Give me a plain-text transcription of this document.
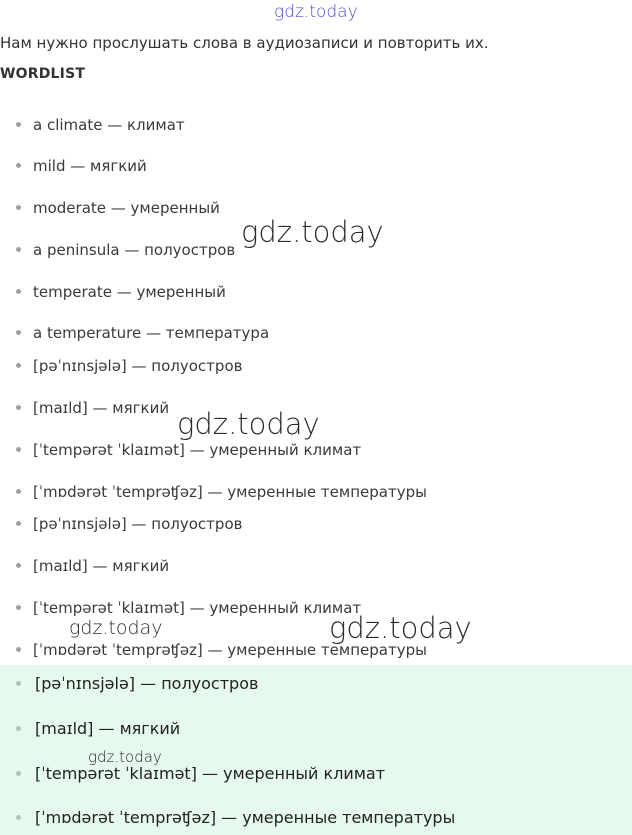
gdz.today
Нам нужно прослушать слова в аудиозаписи и повторить их.
WORDLIST
a climate — климат
mild — мягкий
moderate — умеренный
a peninsula — полуостров
temperate — умеренный
a temperature — температура
[pəˈnɪnsjələ] — полуостров
[maɪld] — мягкий
[ˈtempərət ˈklaɪmət] — умеренный климат
[ˈmɒdərət ˈtemprəʧəz] — умеренные температуры
[pəˈnɪnsjələ] — полуостров
[maɪld] — мягкий
[ˈtempərət ˈklaɪmət] — умеренный климат
[ˈmɒdərət ˈtemprəʧəz] — умеренные температуры
[pəˈnɪnsjələ] — полуостров
[maɪld] — мягкий
[ˈtempərət ˈklaɪmət] — умеренный климат
[ˈmɒdərət ˈtemprəʧəz] — умеренные температуры
gdz.today
gdz.today
gdz.today	gdz.today
gdz.today
